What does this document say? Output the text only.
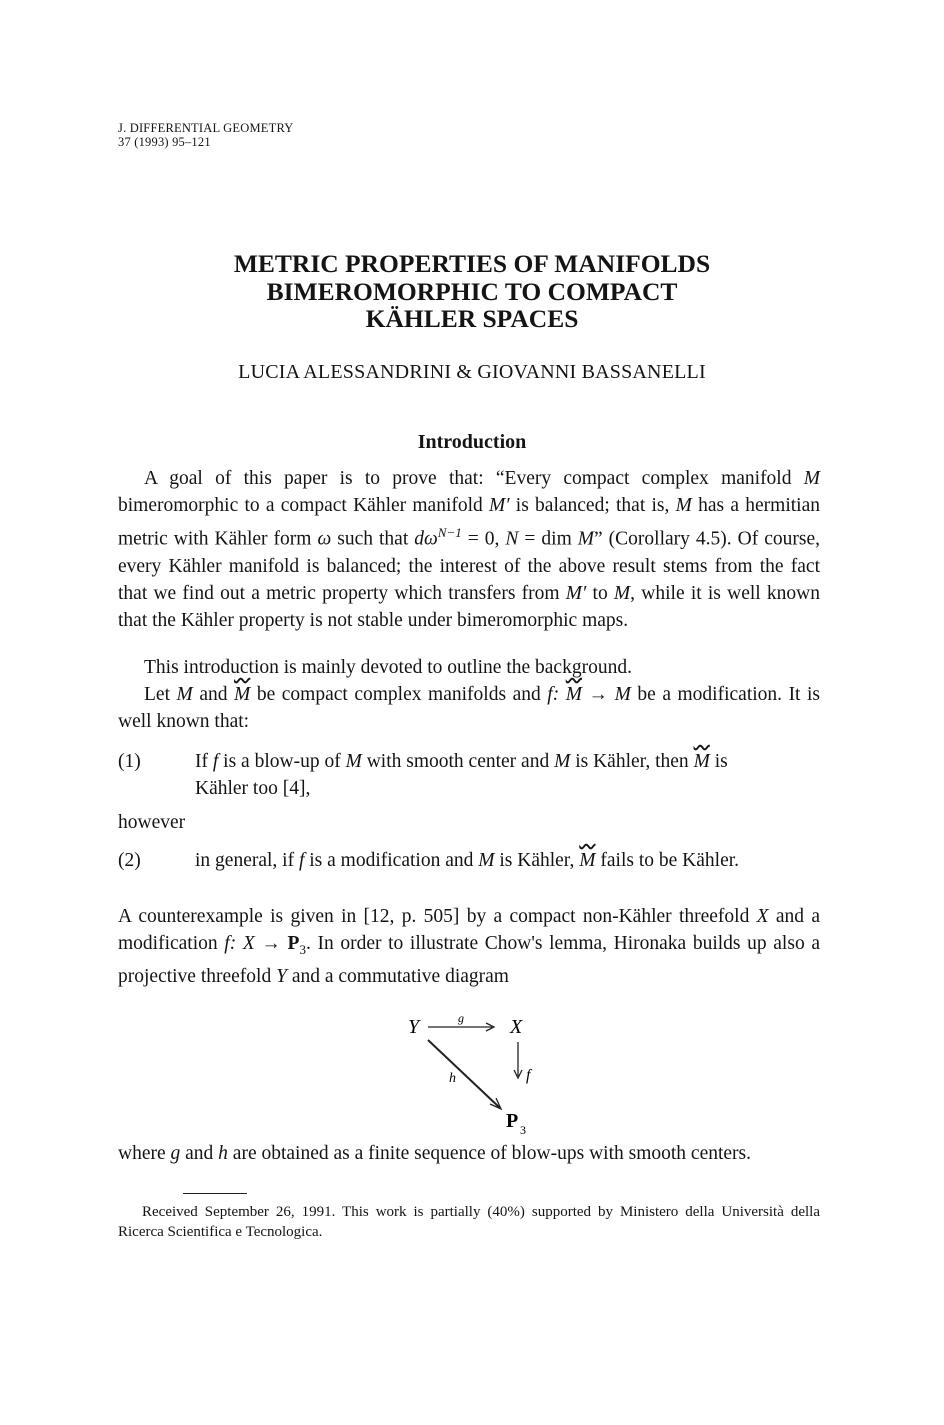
J. DIFFERENTIAL GEOMETRY
37 (1993) 95–121
METRIC PROPERTIES OF MANIFOLDS
BIMEROMORPHIC TO COMPACT
KÄHLER SPACES
LUCIA ALESSANDRINI & GIOVANNI BASSANELLI
Introduction

A goal of this paper is to prove that: “Every compact complex manifold M bimeromorphic to a compact Kähler manifold M′ is balanced; that is, M has a hermitian metric with Kähler form ω such that $d\omega^{N-1} = 0$, N = dim M” (Corollary 4.5). Of course, every Kähler manifold is balanced; the interest of the above result stems from the fact that we find out a metric property which transfers from M′ to M, while it is well known that the Kähler property is not stable under bimeromorphic maps.

This introduction is mainly devoted to outline the background.

Let M and M be compact complex manifolds and f: M → M be a modification. It is well known that:

(1)	If f is a blow-up of M with smooth center and M is Kähler, then M is Kähler too [4],
however
(2)	in general, if f is a modification and M is Kähler, M fails to be Kähler.

A counterexample is given in [12, p. 505] by a compact non-Kähler threefold X and a modification f: $X \to P_3$. In order to illustrate Chow's lemma, Hironaka builds up also a projective threefold Y and a commutative diagram

Y	g X
f
h
P 3

where g and h are obtained as a finite sequence of blow-ups with smooth centers.

Received September 26, 1991. This work is partially (40%) supported by Ministero della Università della Ricerca Scientifica e Tecnologica.
